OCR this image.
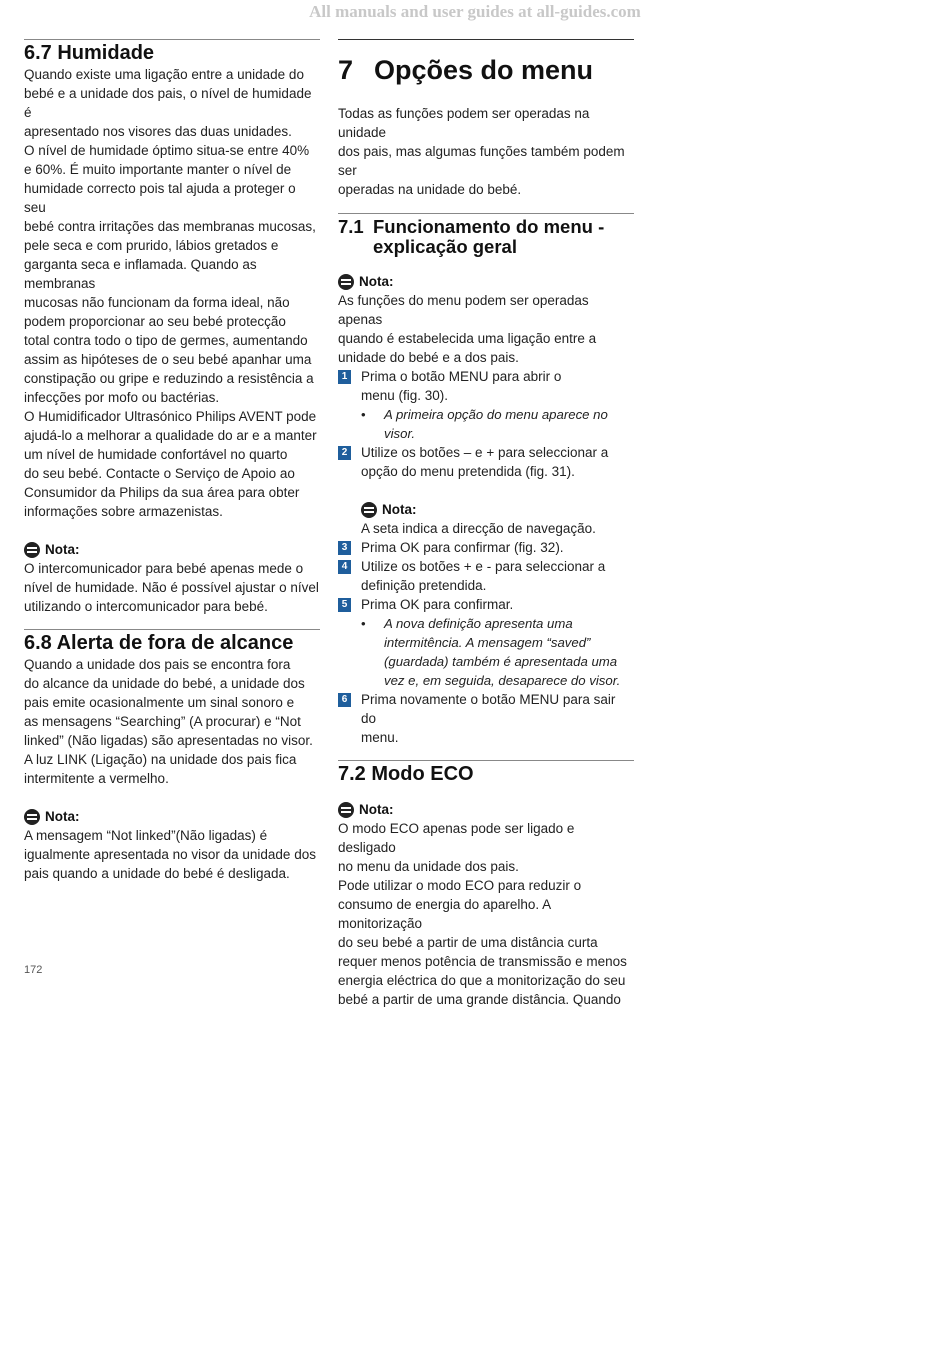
All manuals and user guides at all-guides.com
6.7 Humidade
Quando existe uma ligação entre a unidade do
bebé e a unidade dos pais, o nível de humidade é
apresentado nos visores das duas unidades.
O nível de humidade óptimo situa-se entre 40%
e 60%. É muito importante manter o nível de
humidade correcto pois tal ajuda a proteger o seu
bebé contra irritações das membranas mucosas,
pele seca e com prurido, lábios gretados e
garganta seca e inflamada. Quando as membranas
mucosas não funcionam da forma ideal, não
podem proporcionar ao seu bebé protecção
total contra todo o tipo de germes, aumentando
assim as hipóteses de o seu bebé apanhar uma
constipação ou gripe e reduzindo a resistência a
infecções por mofo ou bactérias.
O Humidificador Ultrasónico Philips AVENT pode
ajudá-lo a melhorar a qualidade do ar e a manter
um nível de humidade confortável no quarto
do seu bebé. Contacte o Serviço de Apoio ao
Consumidor da Philips da sua área para obter
informações sobre armazenistas.
Nota:
O intercomunicador para bebé apenas mede o
nível de humidade. Não é possível ajustar o nível
utilizando o intercomunicador para bebé.
6.8 Alerta de fora de alcance
Quando a unidade dos pais se encontra fora
do alcance da unidade do bebé, a unidade dos
pais emite ocasionalmente um sinal sonoro e
as mensagens “Searching” (A procurar) e “Not
linked” (Não ligadas) são apresentadas no visor.
A luz LINK (Ligação) na unidade dos pais fica
intermitente a vermelho.
Nota:
A mensagem “Not linked”(Não ligadas) é
igualmente apresentada no visor da unidade dos
pais quando a unidade do bebé é desligada.
7 Opções do menu
Todas as funções podem ser operadas na unidade
dos pais, mas algumas funções também podem ser
operadas na unidade do bebé.
7.1 Funcionamento do menu -
explicação geral
Nota:
As funções do menu podem ser operadas apenas
quando é estabelecida uma ligação entre a
unidade do bebé e a dos pais.
1 Prima o botão MENU para abrir o
menu (fig. 30).
•	A primeira opção do menu aparece no visor.
2 Utilize os botões – e + para seleccionar a
opção do menu pretendida (fig. 31).
Nota:
A seta indica a direcção de navegação.
3 Prima OK para confirmar (fig. 32).
4 Utilize os botões + e - para seleccionar a
definição pretendida.
5 Prima OK para confirmar.
•	A nova definição apresenta uma
intermitência. A mensagem “saved”
(guardada) também é apresentada uma
vez e, em seguida, desaparece do visor.
6 Prima novamente o botão MENU para sair do
menu.
7.2 Modo ECO
Nota:
O modo ECO apenas pode ser ligado e desligado
no menu da unidade dos pais.
Pode utilizar o modo ECO para reduzir o
consumo de energia do aparelho. A monitorização
do seu bebé a partir de uma distância curta
requer menos potência de transmissão e menos
energia eléctrica do que a monitorização do seu
bebé a partir de uma grande distância. Quando
172
